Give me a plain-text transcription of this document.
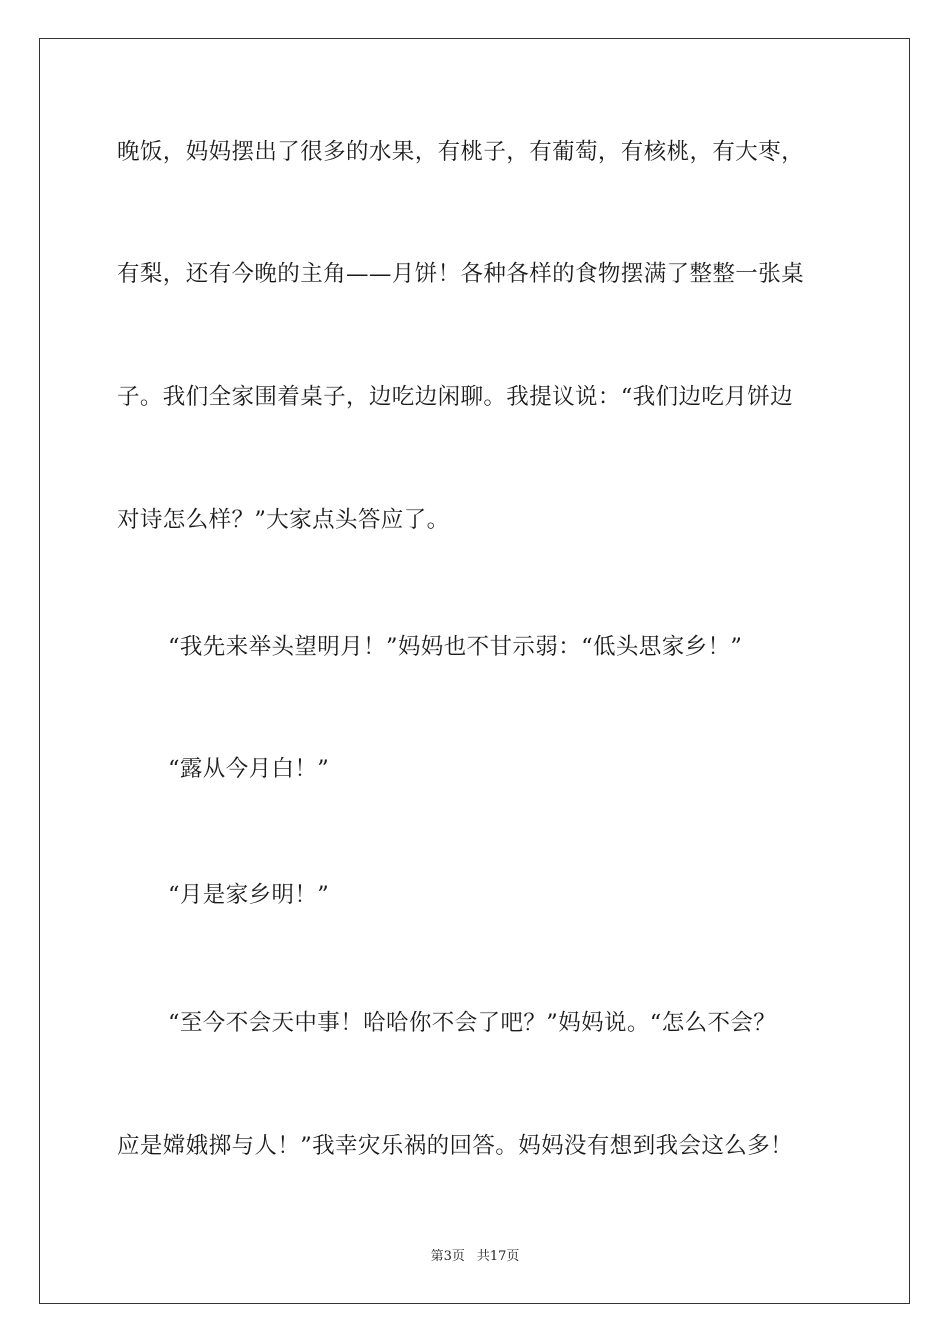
晚饭，妈妈摆出了很多的水果，有桃子，有葡萄，有核桃，有大枣，
有梨，还有今晚的主角——月饼！各种各样的食物摆满了整整一张桌
子。我们全家围着桌子，边吃边闲聊。我提议说：“我们边吃月饼边
对诗怎么样？”大家点头答应了。
“我先来举头望明月！”妈妈也不甘示弱：“低头思家乡！”
“露从今月白！”
“月是家乡明！”
“至今不会天中事！哈哈你不会了吧？”妈妈说。“怎么不会？
应是嫦娥掷与人！”我幸灾乐祸的回答。妈妈没有想到我会这么多！
第3页 共17页
